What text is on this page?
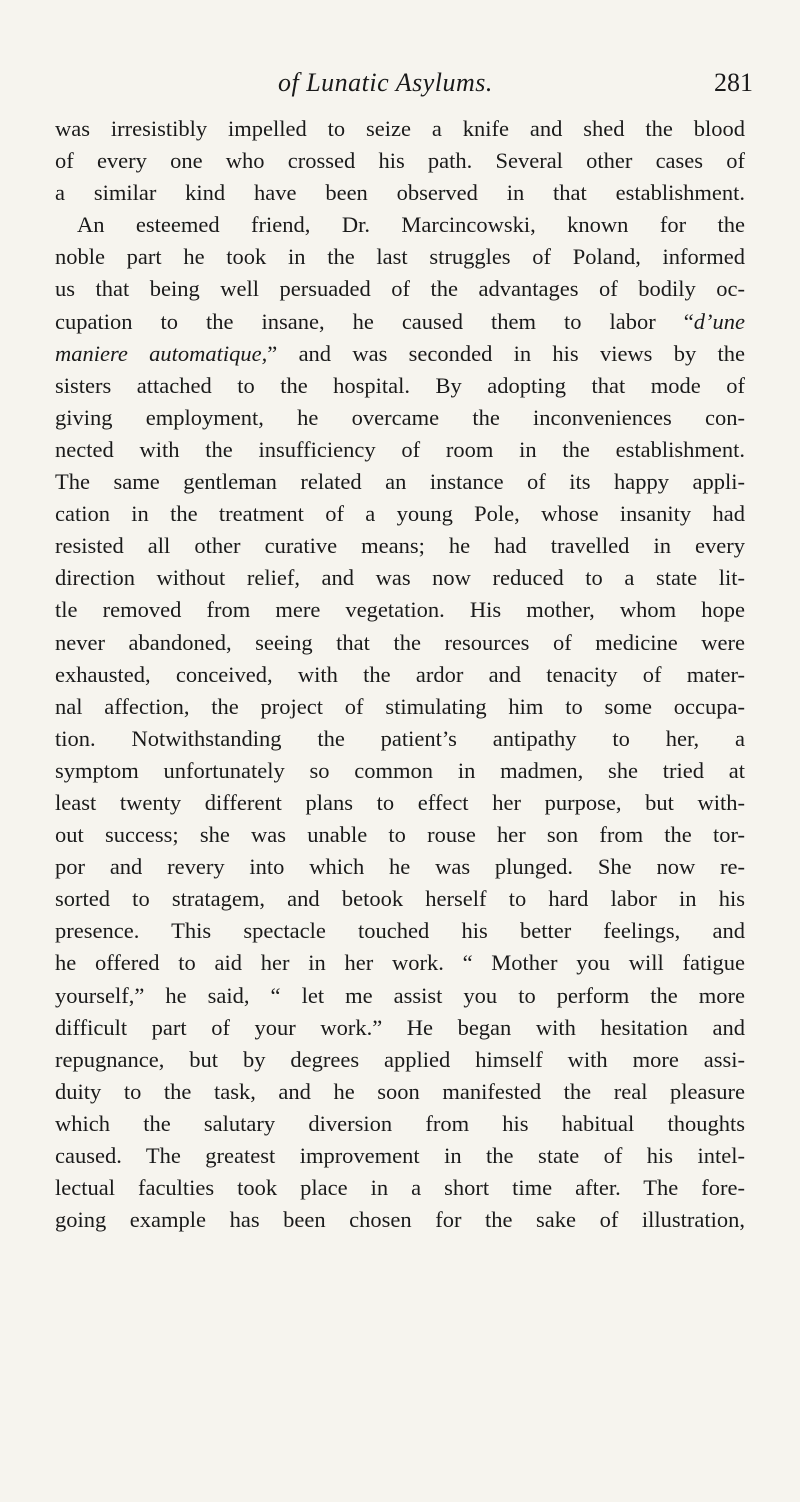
of Lunatic Asylums.	281
was irresistibly impelled to seize a knife and shed the blood
of every one who crossed his path. Several other cases of
a similar kind have been observed in that establishment.
An esteemed friend, Dr. Marcincowski, known for the
noble part he took in the last struggles of Poland, informed
us that being well persuaded of the advantages of bodily oc-
cupation to the insane, he caused them to labor “d’une
maniere automatique,” and was seconded in his views by the
sisters attached to the hospital. By adopting that mode of
giving employment, he overcame the inconveniences con-
nected with the insufficiency of room in the establishment.
The same gentleman related an instance of its happy appli-
cation in the treatment of a young Pole, whose insanity had
resisted all other curative means; he had travelled in every
direction without relief, and was now reduced to a state lit-
tle removed from mere vegetation. His mother, whom hope
never abandoned, seeing that the resources of medicine were
exhausted, conceived, with the ardor and tenacity of mater-
nal affection, the project of stimulating him to some occupa-
tion. Notwithstanding the patient’s antipathy to her, a
symptom unfortunately so common in madmen, she tried at
least twenty different plans to effect her purpose, but with-
out success; she was unable to rouse her son from the tor-
por and revery into which he was plunged. She now re-
sorted to stratagem, and betook herself to hard labor in his
presence. This spectacle touched his better feelings, and
he offered to aid her in her work. “ Mother you will fatigue
yourself,” he said, “ let me assist you to perform the more
difficult part of your work.” He began with hesitation and
repugnance, but by degrees applied himself with more assi-
duity to the task, and he soon manifested the real pleasure
which the salutary diversion from his habitual thoughts
caused. The greatest improvement in the state of his intel-
lectual faculties took place in a short time after. The fore-
going example has been chosen for the sake of illustration,
